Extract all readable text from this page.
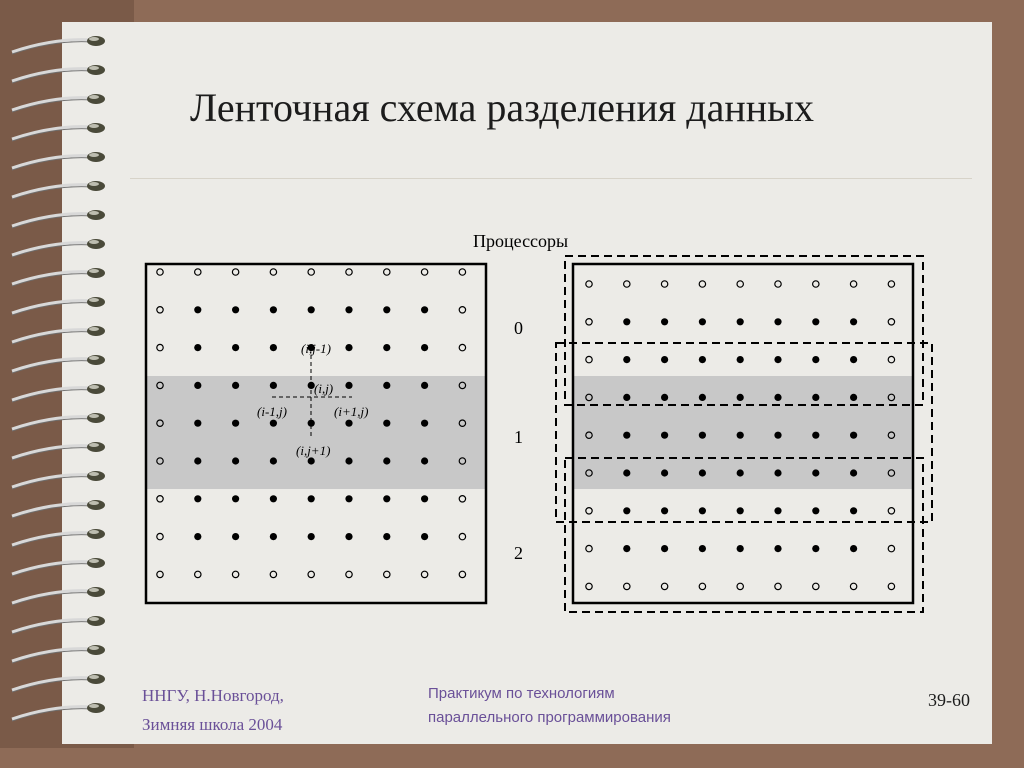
Ленточная схема разделения данных
(i,j-1)
(i,j)
(i-1,j)	(i+1,j)
(i,j+1)
Процессоры
0
1
2
ННГУ, Н.Новгород,
Зимняя школа 2004
Практикум по технологиям
параллельного программирования
39-60
